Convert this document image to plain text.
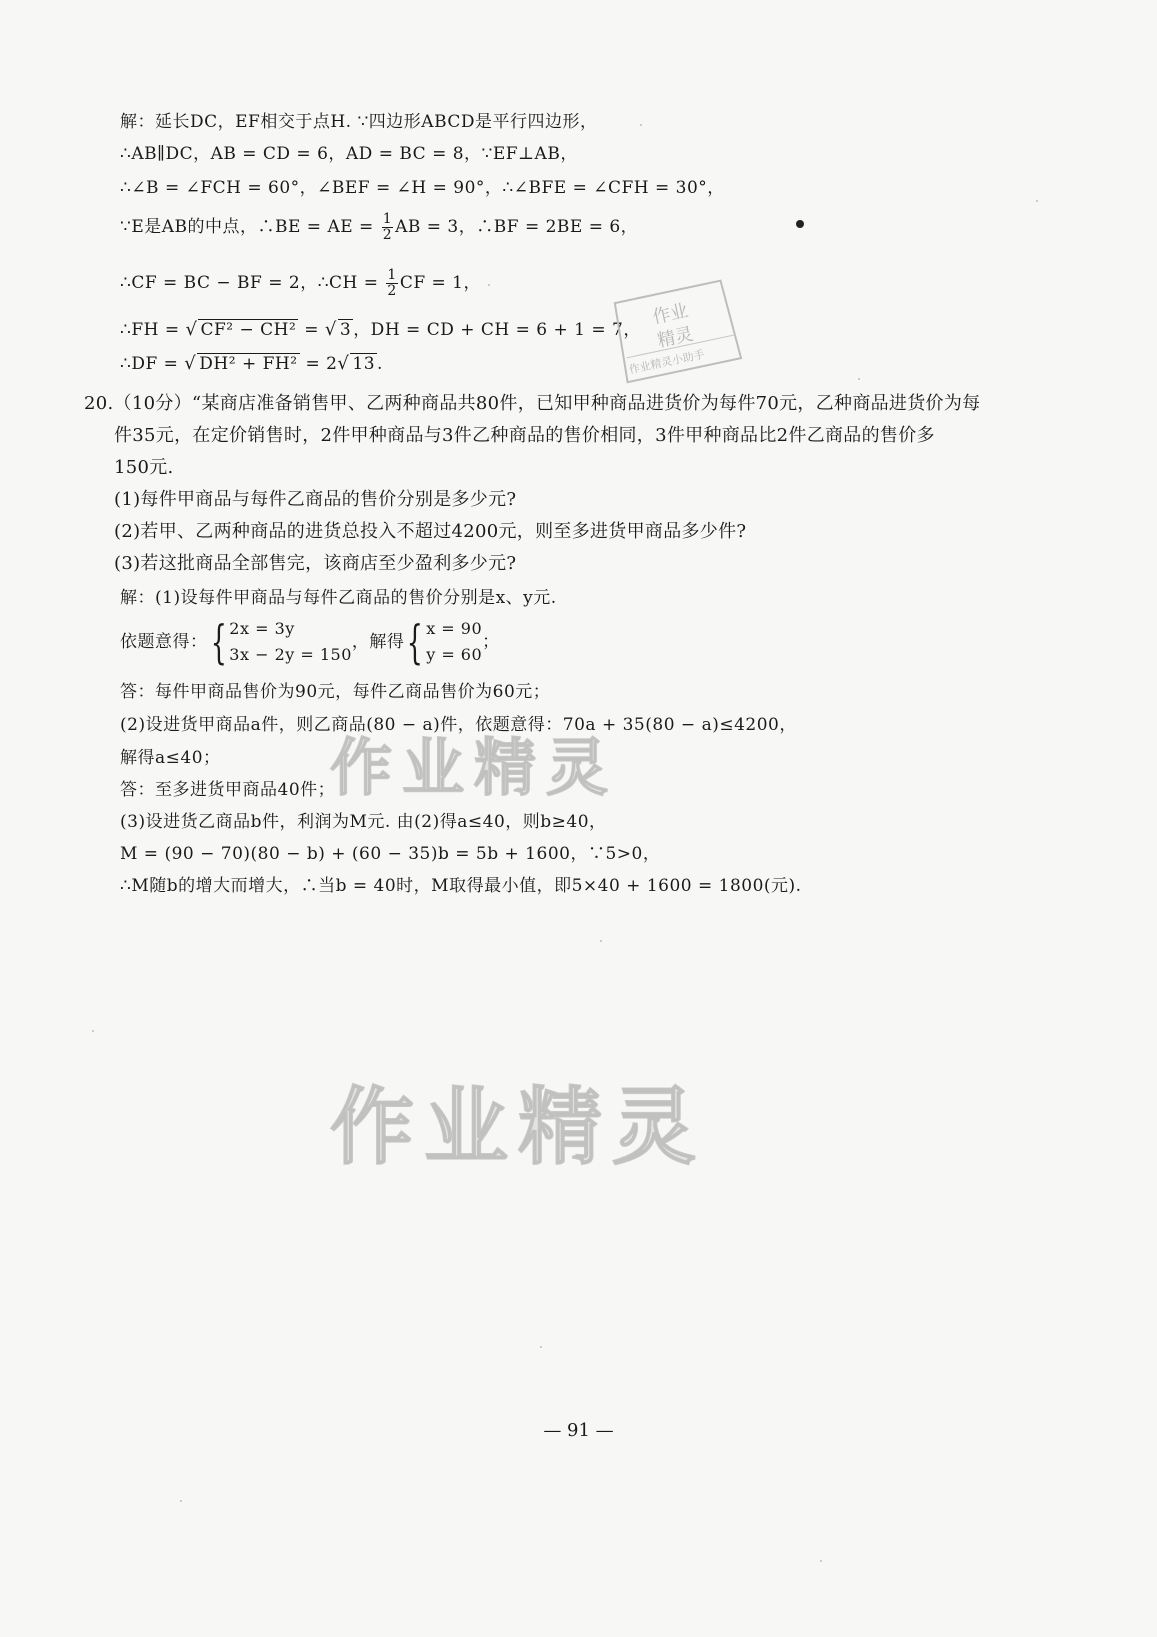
解：延长DC，EF相交于点H. ∵四边形ABCD是平行四边形，
∴AB∥DC，AB = CD = 6，AD = BC = 8，∵EF⊥AB，
∴∠B = ∠FCH = 60°，∠BEF = ∠H = 90°，∴∠BFE = ∠CFH = 30°，
∵E是AB的中点，∴BE = AE = $\frac{1}{2}$ AB = 3，∴BF = 2BE = 6，
∴CF = BC − BF = 2，∴CH = $\frac{1}{2}$ CF = 1，
∴FH = √ CF² − CH² = √ 3 ，DH = CD + CH = 6 + 1 = 7，
∴DF = √ DH² + FH² = 2√ 13 .
作业
精灵
作业精灵小助手
20.（10分）“某商店准备销售甲、乙两种商品共80件，已知甲种商品进货价为每件70元，乙种商品进货价为每
件35元，在定价销售时，2件甲种商品与3件乙种商品的售价相同，3件甲种商品比2件乙商品的售价多
150元.
(1)每件甲商品与每件乙商品的售价分别是多少元?
(2)若甲、乙两种商品的进货总投入不超过4200元，则至多进货甲商品多少件?
(3)若这批商品全部售完，该商店至少盈利多少元?
解：(1)设每件甲商品与每件乙商品的售价分别是x、y元.
依题意得： { 2x = 3y
3x − 2y = 150
，解得 { x = 90
y = 60
；
答：每件甲商品售价为90元，每件乙商品售价为60元；
(2)设进货甲商品a件，则乙商品(80 − a)件，依题意得：70a + 35(80 − a)≤4200，
解得a≤40；
答：至多进货甲商品40件；
(3)设进货乙商品b件，利润为M元. 由(2)得a≤40，则b≥40，
M = (90 − 70)(80 − b) + (60 − 35)b = 5b + 1600，∵5>0，
∴M随b的增大而增大，∴当b = 40时，M取得最小值，即5×40 + 1600 = 1800(元).
作业精灵
作业精灵
— 91 —
